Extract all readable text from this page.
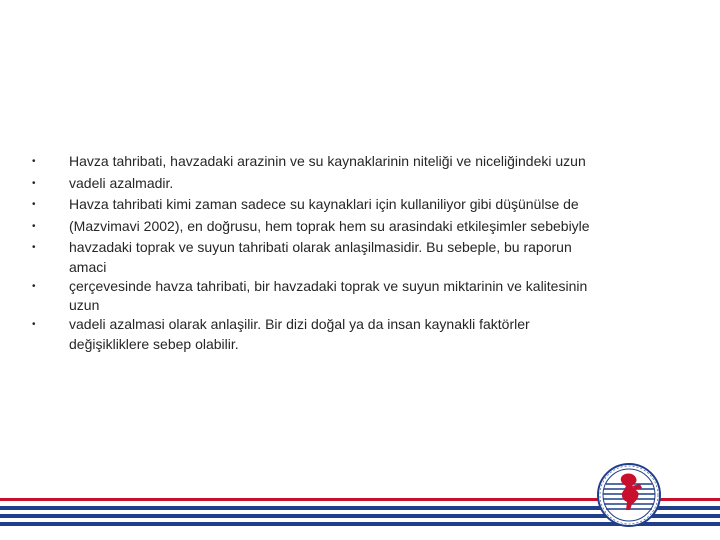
•	Havza tahribati, havzadaki arazinin ve su kaynaklarinin niteliği ve niceliğindeki uzun
•	vadeli azalmadir.
•	Havza tahribati kimi zaman sadece su kaynaklari için kullaniliyor gibi düşünülse de
•	(Mazvimavi 2002), en doğrusu, hem toprak hem su arasindaki etkileşimler sebebiyle
•	havzadaki toprak ve suyun tahribati olarak anlaşilmasidir. Bu sebeple, bu raporun
amaci
•	çerçevesinde havza tahribati, bir havzadaki toprak ve suyun miktarinin ve kalitesinin
uzun
•	vadeli azalmasi olarak anlaşilir. Bir dizi doğal ya da insan kaynakli faktörler
değişikliklere sebep olabilir.
